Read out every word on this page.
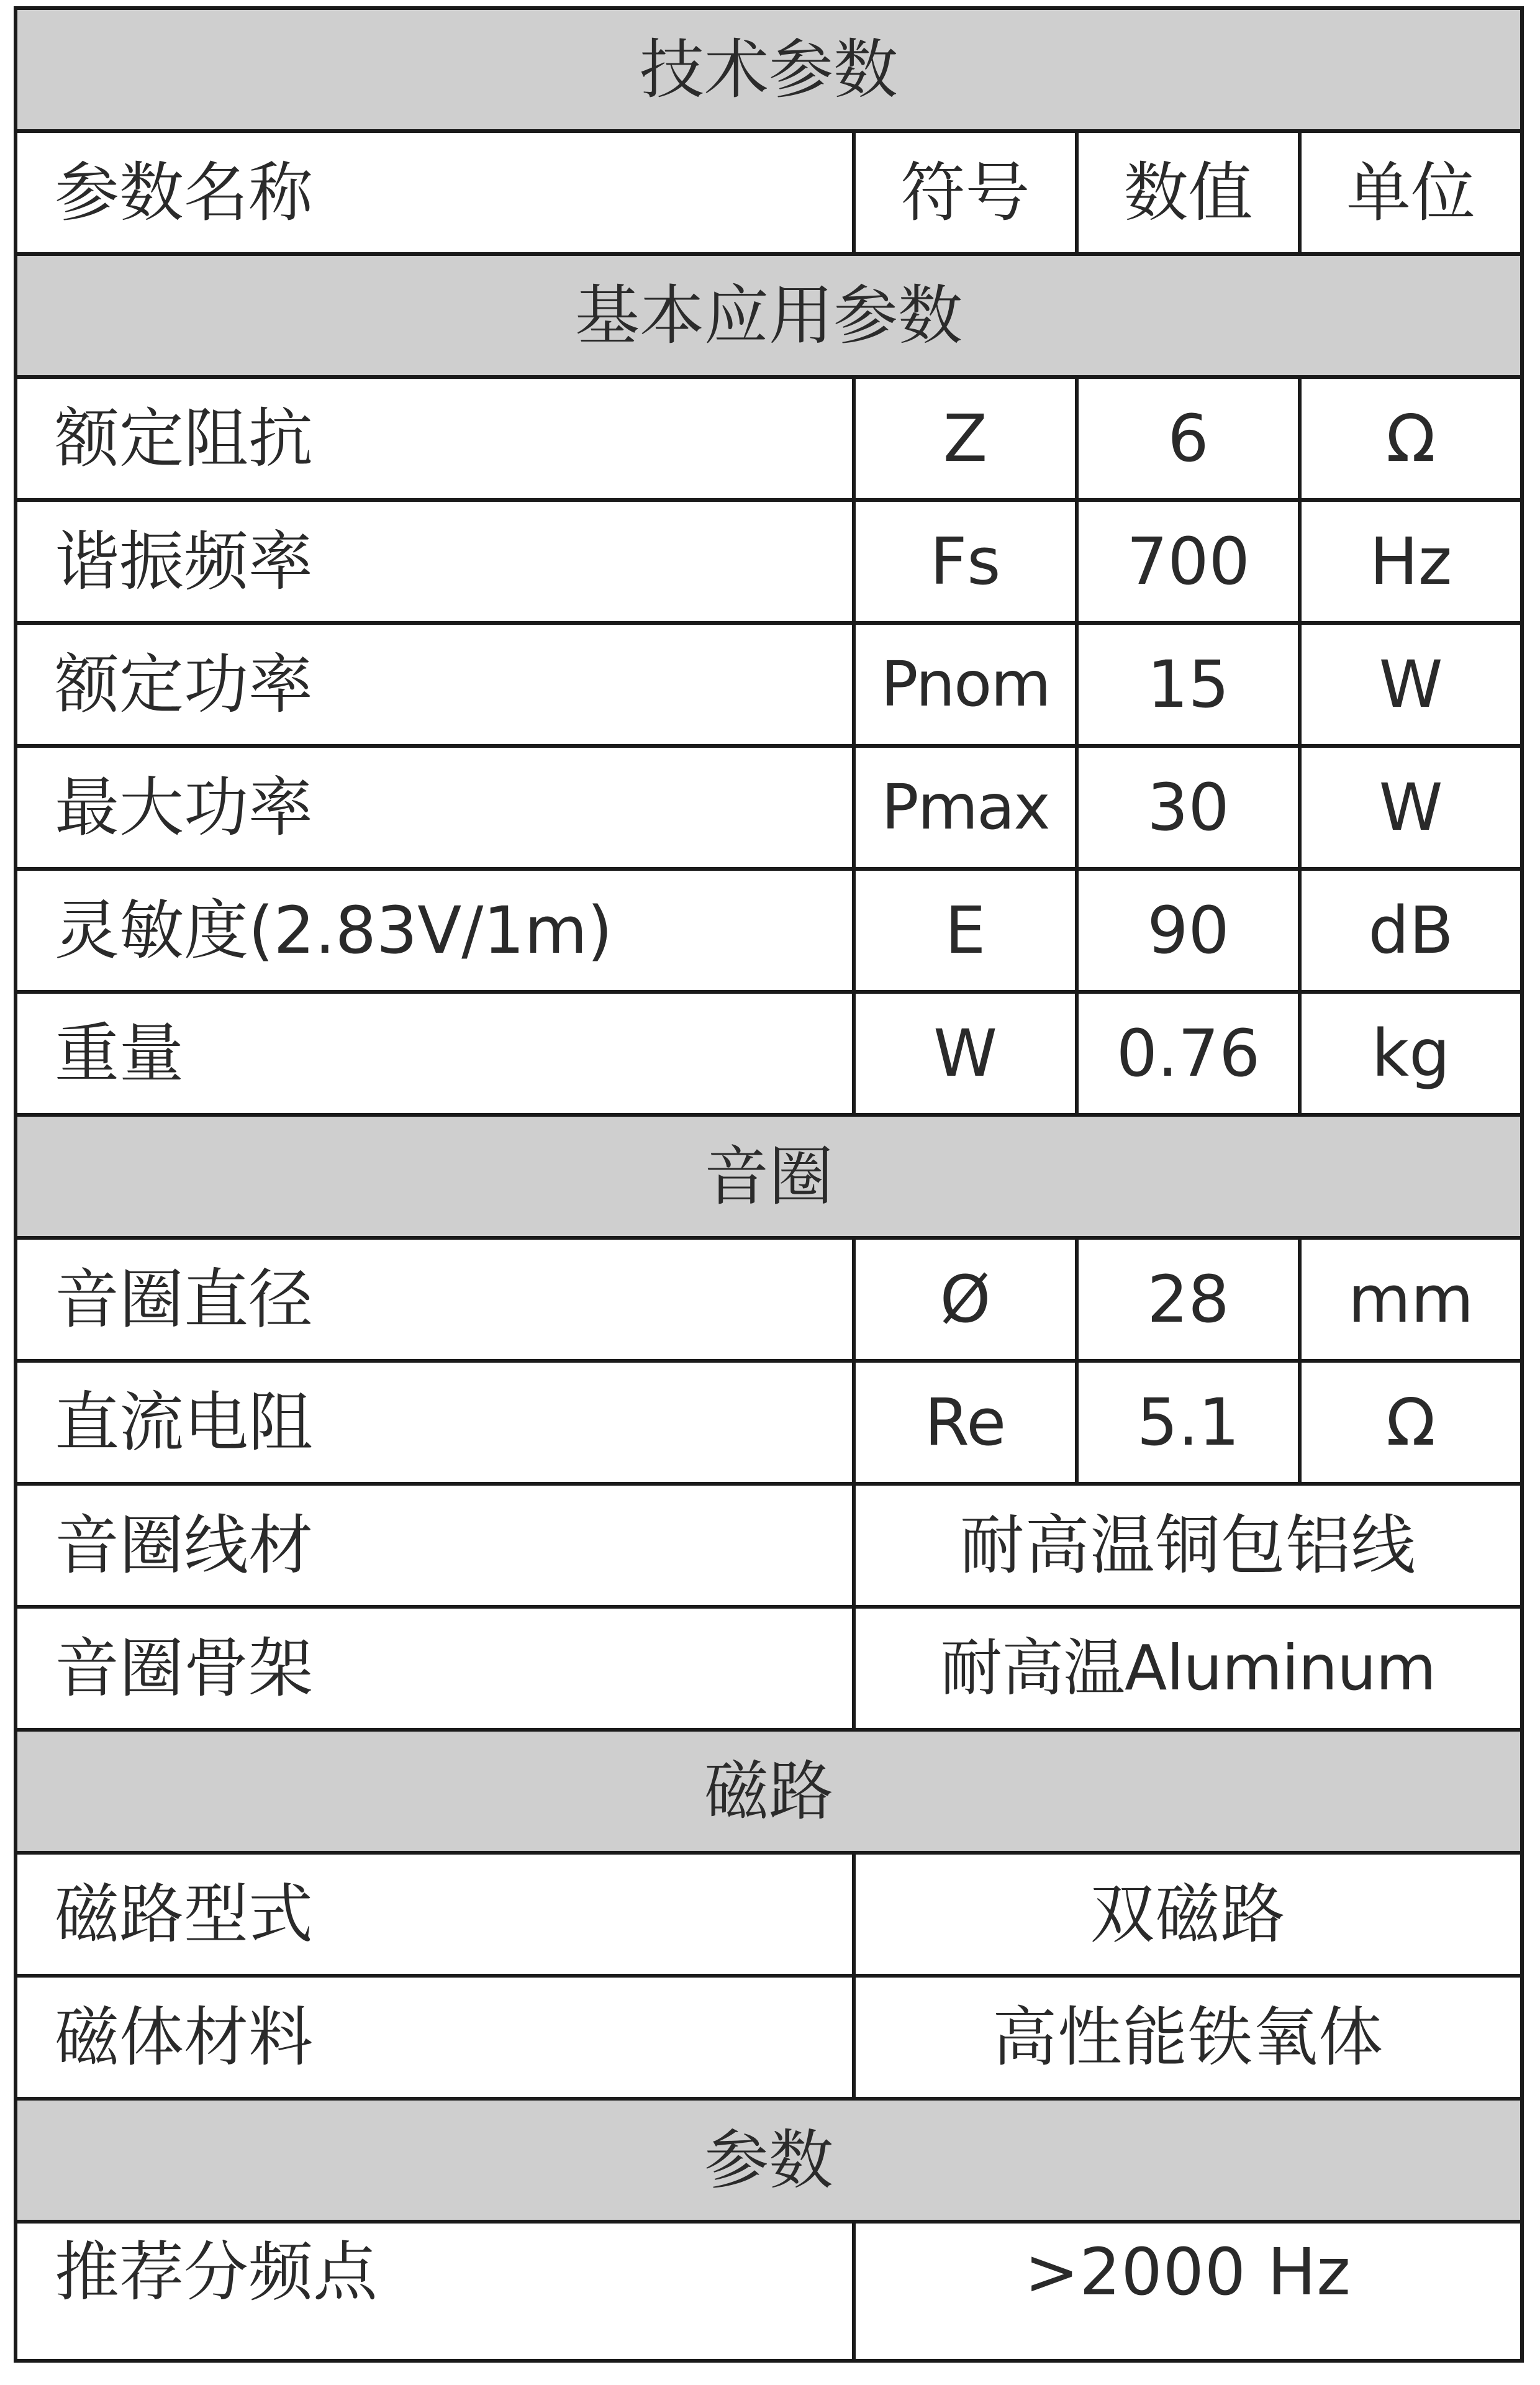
技术参数			
参数名称	符号	数值	单位
基本应用参数			
额定阻抗	Z	6	Ω
谐振频率	Fs	700	Hz
额定功率	Pnom	15	W
最大功率	Pmax	30	W
灵敏度(2.83V/1m)	E	90	dB
重量	W	0.76	kg
音圈			
音圈直径	Ø	28	mm
直流电阻	Re	5.1	Ω
音圈线材	耐高温铜包铝线		
音圈骨架	耐高温Aluminum		
磁路			
磁路型式	双磁路		
磁体材料	高性能铁氧体		
参数			
推荐分频点	>2000 Hz		
